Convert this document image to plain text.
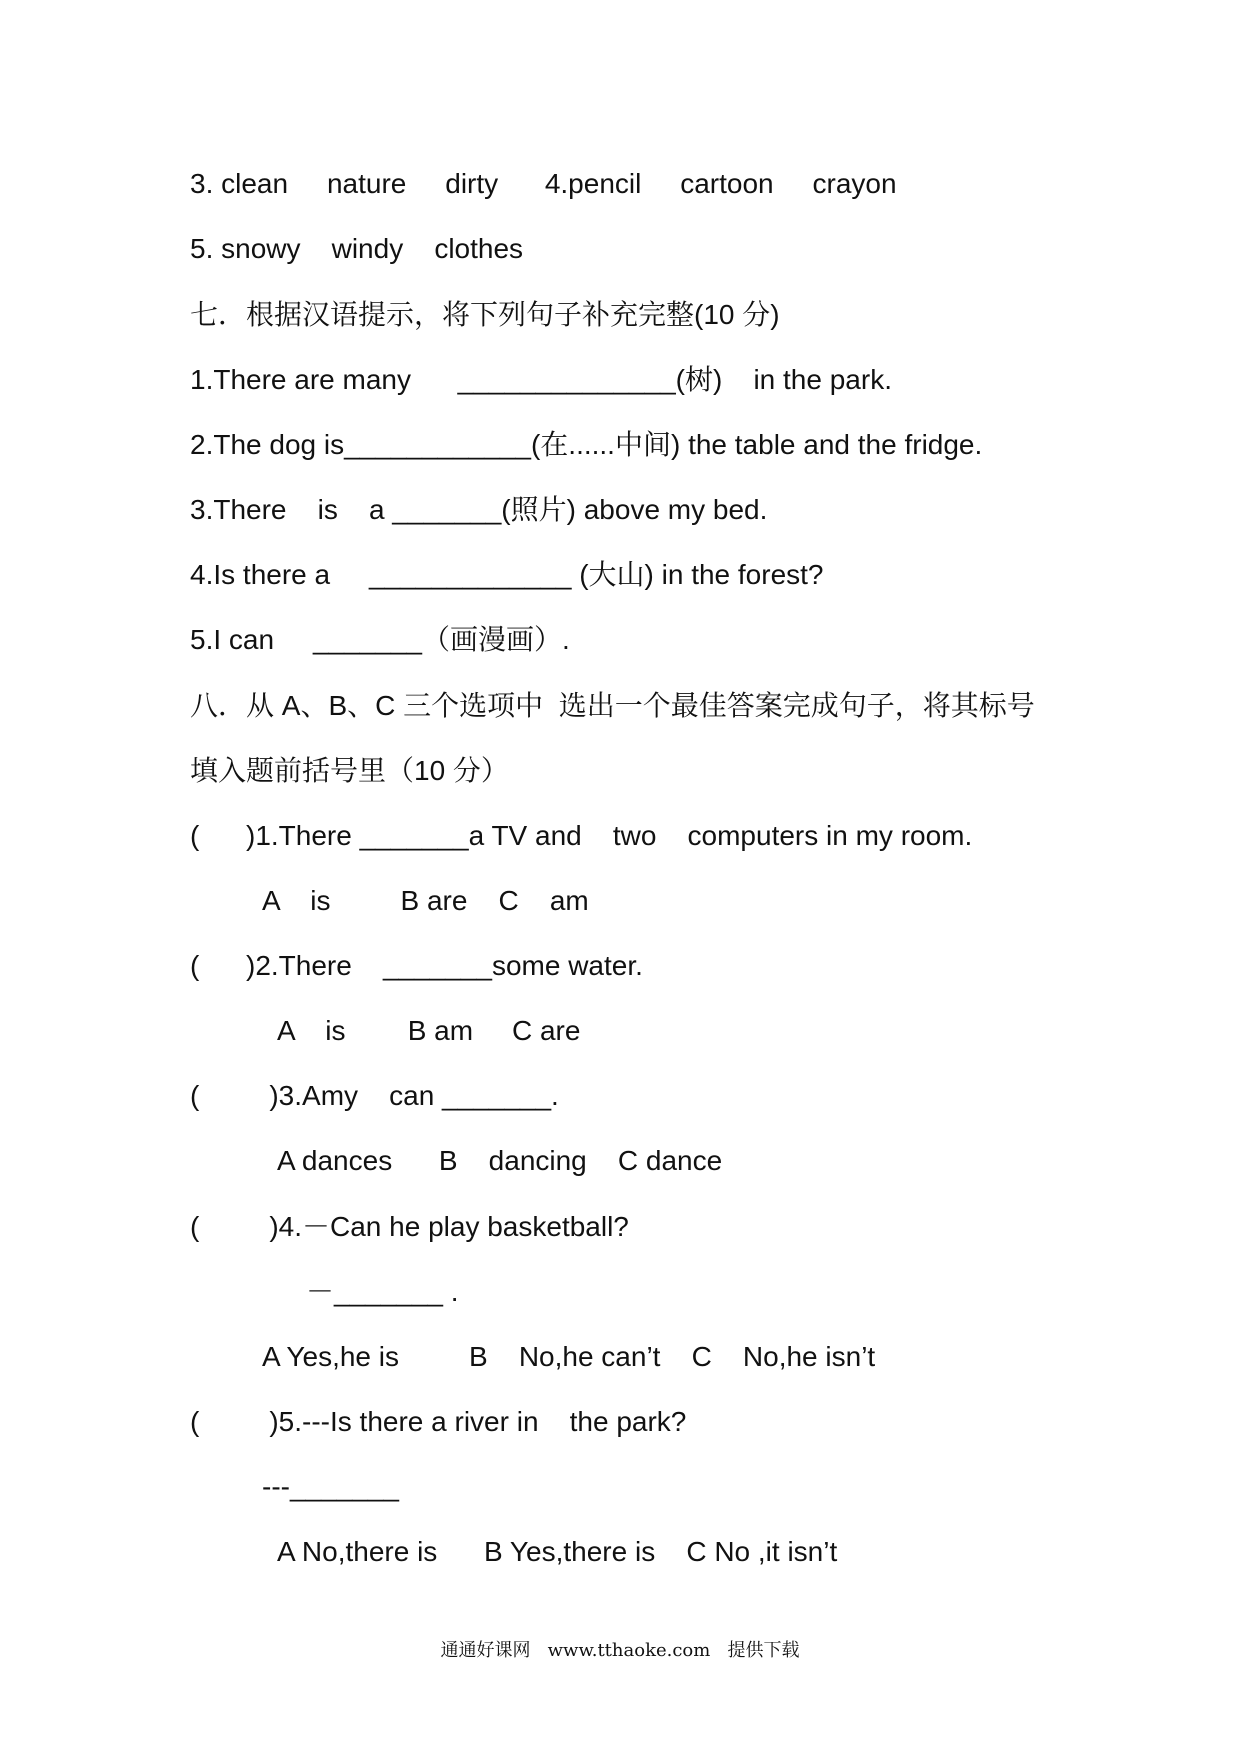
3. clean     nature     dirty      4.pencil     cartoon     crayon
5. snowy    windy    clothes
七．根据汉语提示，将下列句子补充完整(10 分)
1.There are many      ______________(树)    in the park.
2.The dog is____________(在......中间) the table and the fridge.
3.There    is    a _______(照片) above my bed.
4.Is there a     _____________ (大山) in the forest?
5.I can     _______（画漫画）.
八．从 A、B、C 三个选项中  选出一个最佳答案完成句子，将其标号
填入题前括号里（10 分）
(      )1.There _______a TV and    two    computers in my room.
A    is         B are    C    am
(      )2.There    _______some water.
A    is        B am     C are
(         )3.Amy    can _______.
A dances      B    dancing    C dance
(         )4.－Can he play basketball?
－_______ .
A Yes,he is         B    No,he can’t    C    No,he isn’t
(         )5.---Is there a river in    the park?
---_______
A No,there is      B Yes,there is    C No ,it isn’t
通通好课网   www.tthaoke.com   提供下载
